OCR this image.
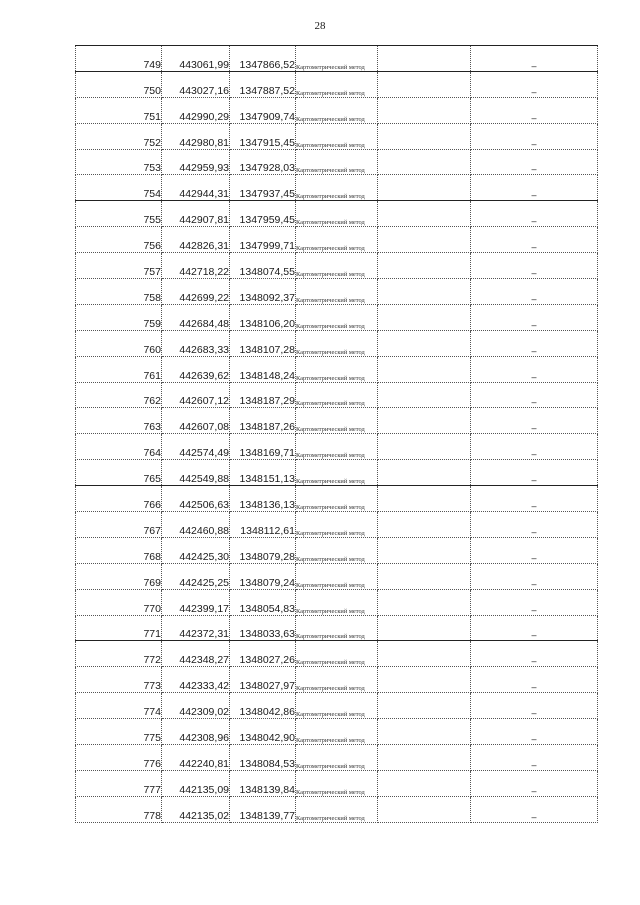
28
749	443061,99	1347866,52	Картометрический метод		–
750	443027,16	1347887,52	Картометрический метод		–
751	442990,29	1347909,74	Картометрический метод		–
752	442980,81	1347915,45	Картометрический метод		–
753	442959,93	1347928,03	Картометрический метод		–
754	442944,31	1347937,45	Картометрический метод		–
755	442907,81	1347959,45	Картометрический метод		–
756	442826,31	1347999,71	Картометрический метод		–
757	442718,22	1348074,55	Картометрический метод		–
758	442699,22	1348092,37	Картометрический метод		–
759	442684,48	1348106,20	Картометрический метод		–
760	442683,33	1348107,28	Картометрический метод		–
761	442639,62	1348148,24	Картометрический метод		–
762	442607,12	1348187,29	Картометрический метод		–
763	442607,08	1348187,26	Картометрический метод		–
764	442574,49	1348169,71	Картометрический метод		–
765	442549,88	1348151,13	Картометрический метод		–
766	442506,63	1348136,13	Картометрический метод		–
767	442460,88	1348112,61	Картометрический метод		–
768	442425,30	1348079,28	Картометрический метод		–
769	442425,25	1348079,24	Картометрический метод		–
770	442399,17	1348054,83	Картометрический метод		–
771	442372,31	1348033,63	Картометрический метод		–
772	442348,27	1348027,26	Картометрический метод		–
773	442333,42	1348027,97	Картометрический метод		–
774	442309,02	1348042,86	Картометрический метод		–
775	442308,96	1348042,90	Картометрический метод		–
776	442240,81	1348084,53	Картометрический метод		–
777	442135,09	1348139,84	Картометрический метод		–
778	442135,02	1348139,77	Картометрический метод		–
